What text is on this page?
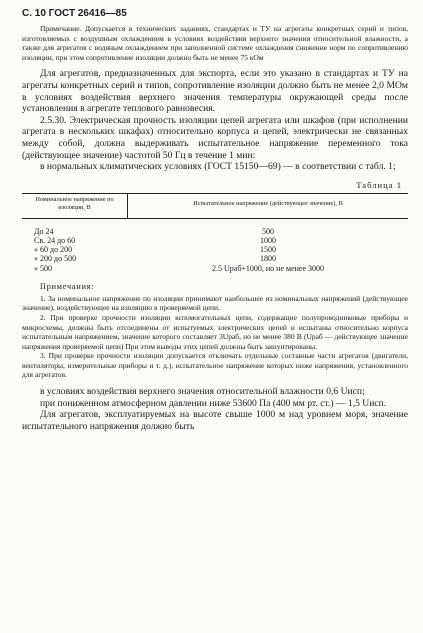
С. 10 ГОСТ 26416—85

Примечание. Допускается в технических заданиях, стандартах и ТУ на агрегаты конкретных серий и типов, изготовляемых с воздушным охлаждением в условиях воздействия верхнего значения относительной влажности, а также для агрегатов с водяным охлаждением при заполненной системе охлаждения снижение норм по сопротивлению изоляции, при этом сопротивление изоляции должно быть не менее 75 кОм

Для агрегатов, предназначенных для экспорта, если это указано в стандартах и ТУ на агрегаты конкретных серий и типов, сопротивление изоляции должно быть не менее 2,0 МОм в условиях воздействия верхнего значения температуры окружающей среды после установления в агрегате теплового равновесия.

2.5.30. Электрическая прочность изоляции цепей агрегата или шкафов (при исполнении агрегата в нескольких шкафах) относительно корпуса и цепей, электрически не связанных между собой, должна выдерживать испытательное напряжение переменного тока (действующее значение) частотой 50 Гц в течение 1 мин:

в нормальных климатических условиях (ГОСТ 15150—69) — в соответствии с табл. 1;

Таблица 1
Номинальное напряжение по изоляции, В	Испытательное напряжение (действующее значение), В
До 24	500
Св. 24 до 60	1000
» 60 до 200	1500
» 200 до 500	1800
» 500	2.5 Uраб+1000, но не менее 3000
Примечания:

1. За номинальное напряжение по изоляции принимают наибольшее из номинальных напряжений (действующее значение), воздействующее на изоляцию в проверяемой цепи.

2. При проверке прочности изоляции вспомогательных цепи, содержащие полупроводниковые приборы и микросхемы, должны быть отсоединены от испытуемых электрических цепей и испытаны относительно корпуса испытательным напряжением, значение которого составляет 3Uраб, но не менее 380 В (Uраб — действующее значение напряжения проверяемой цепи) При этом выводы этих цепей должны быть зашунтированы.

3. При проверке прочности изоляции допускается отключать отдельные составные части агрегатов (двигатели, вентиляторы, измерительные приборы и т. д.), испытательное напряжение которых ниже напряжения, установленного для агрегатов.

в условиях воздействия верхнего значения относительной влажности 0,6 Uисп;

при пониженном атмосферном давлении ниже 53600 Па (400 мм рт. ст.) — 1,5 Uисп.

Для агрегатов, эксплуатируемых на высоте свыше 1000 м над уровнем моря, значение испытательного напряжения должно быть
